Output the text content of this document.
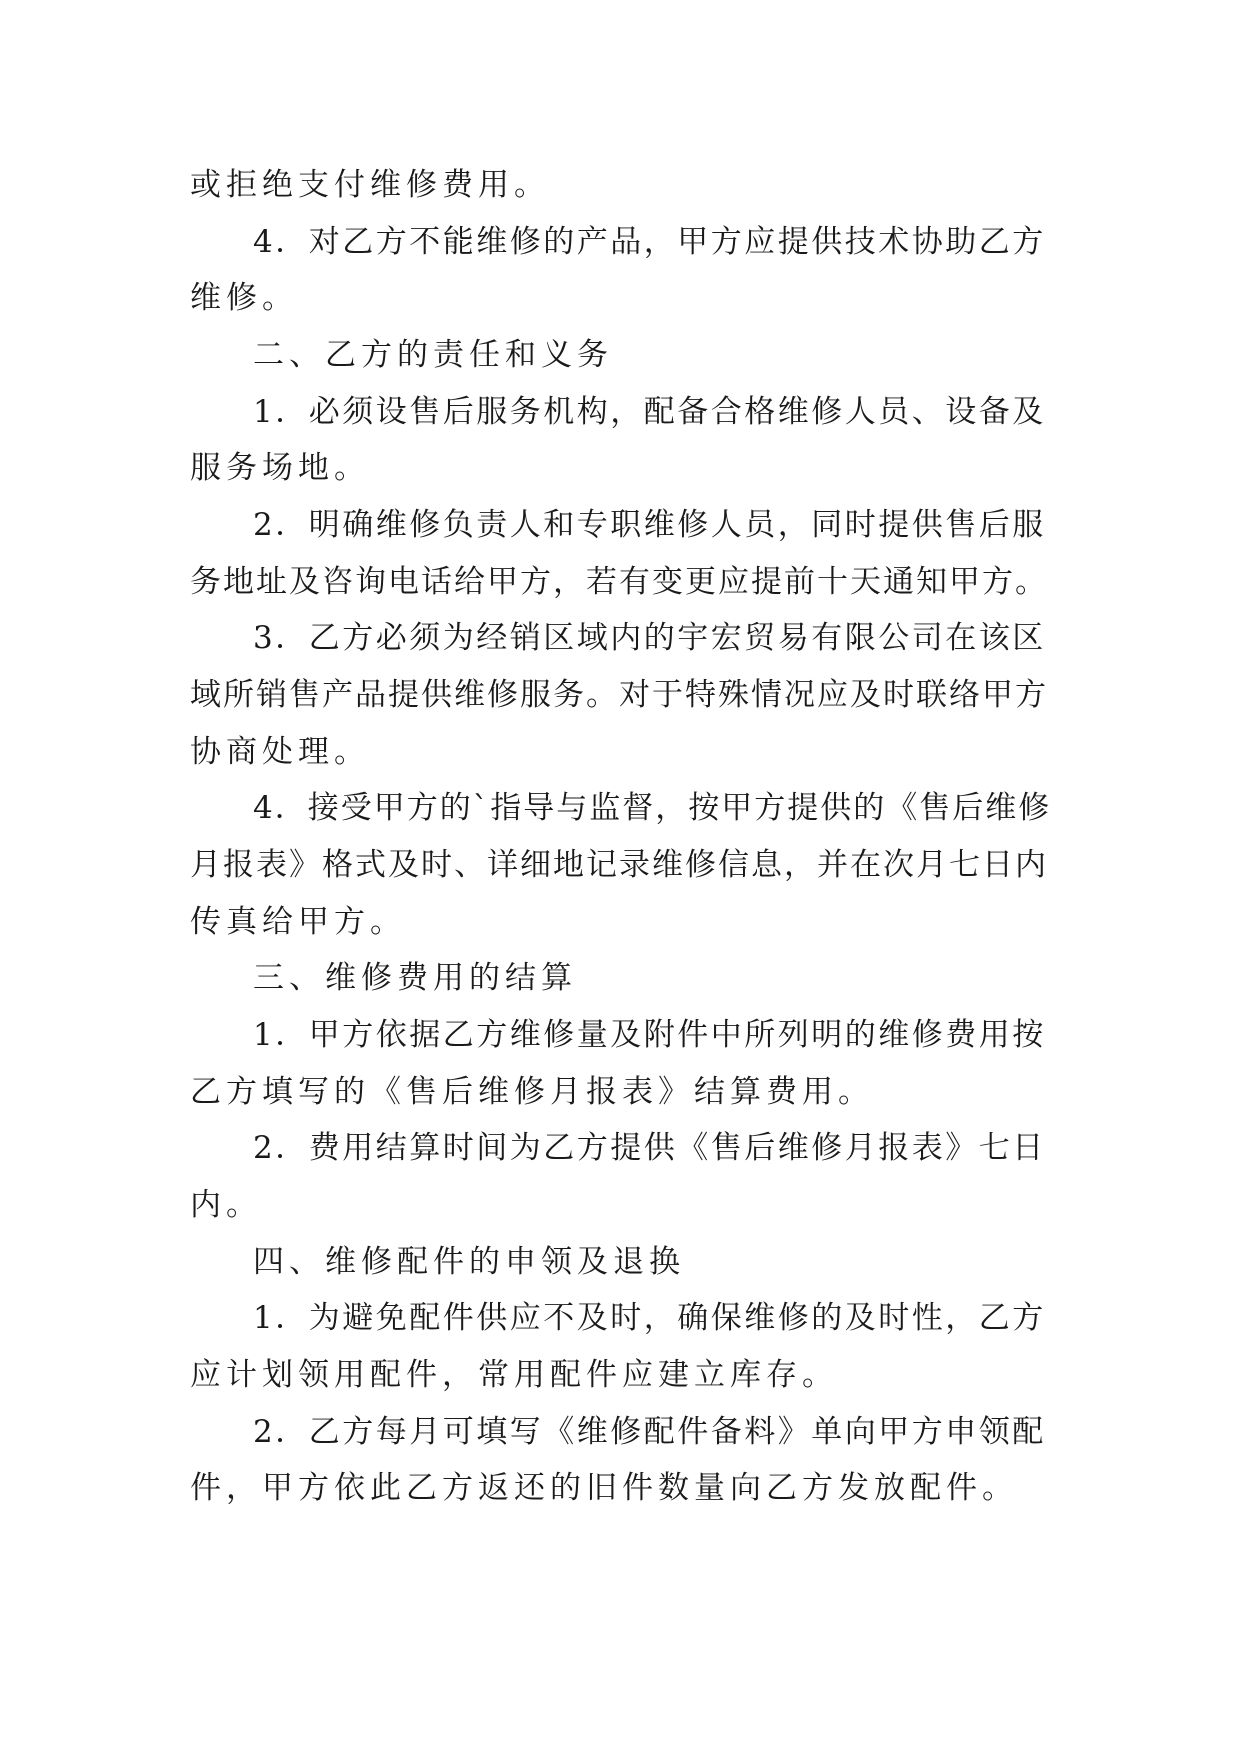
或拒绝支付维修费用。
4．对乙方不能维修的产品，甲方应提供技术协助乙方
维修。
二、乙方的责任和义务
1．必须设售后服务机构，配备合格维修人员、设备及
服务场地。
2．明确维修负责人和专职维修人员，同时提供售后服
务地址及咨询电话给甲方，若有变更应提前十天通知甲方。
3．乙方必须为经销区域内的宇宏贸易有限公司在该区
域所销售产品提供维修服务。对于特殊情况应及时联络甲方
协商处理。
4．接受甲方的`指导与监督，按甲方提供的《售后维修
月报表》格式及时、详细地记录维修信息，并在次月七日内
传真给甲方。
三、维修费用的结算
1．甲方依据乙方维修量及附件中所列明的维修费用按
乙方填写的《售后维修月报表》结算费用。
2．费用结算时间为乙方提供《售后维修月报表》七日
内。
四、维修配件的申领及退换
1．为避免配件供应不及时，确保维修的及时性，乙方
应计划领用配件，常用配件应建立库存。
2．乙方每月可填写《维修配件备料》单向甲方申领配
件，甲方依此乙方返还的旧件数量向乙方发放配件。
